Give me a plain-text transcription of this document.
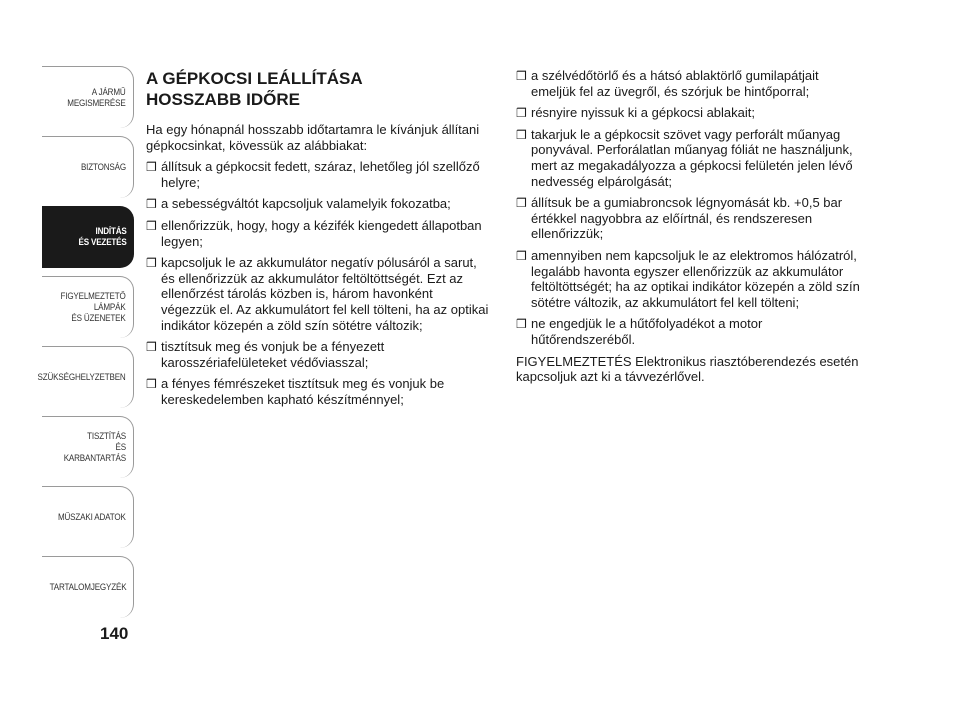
A JÁRMŰ
MEGISMERÉSE
BIZTONSÁG
INDÍTÁS
ÉS VEZETÉS
FIGYELMEZTETŐ
LÁMPÁK
ÉS ÜZENETEK
SZÜKSÉGHELYZETBEN
TISZTÍTÁS
ÉS KARBANTARTÁS
MŰSZAKI ADATOK
TARTALOMJEGYZÉK
140
A GÉPKOCSI LEÁLLÍTÁSA
HOSSZABB IDŐRE

Ha egy hónapnál hosszabb időtartamra le kívánjuk állítani gépkocsinkat, kövessük az alábbiakat:

❒ állítsuk a gépkocsit fedett, száraz, lehetőleg jól szellőző helyre;
❒ a sebességváltót kapcsoljuk valamelyik fokozatba;
❒ ellenőrizzük, hogy, hogy a kézifék kiengedett állapotban legyen;
❒ kapcsoljuk le az akkumulátor negatív pólusáról a sarut, és ellenőrizzük az akkumulátor feltöltöttségét. Ezt az ellenőrzést tárolás közben is, három havonként végezzük el. Az akkumulátort fel kell tölteni, ha az optikai indikátor közepén a zöld szín sötétre változik;
❒ tisztítsuk meg és vonjuk be a fényezett karosszériafelületeket védőviasszal;
❒ a fényes fémrészeket tisztítsuk meg és vonjuk be kereskedelemben kapható készítménnyel;
❒ a szélvédőtörlő és a hátsó ablaktörlő gumilapátjait emeljük fel az üvegről, és szórjuk be hintőporral;
❒ résnyire nyissuk ki a gépkocsi ablakait;
❒ takarjuk le a gépkocsit szövet vagy perforált műanyag ponyvával. Perforálatlan műanyag fóliát ne használjunk, mert az megakadályozza a gépkocsi felületén jelen lévő nedvesség elpárolgását;
❒ állítsuk be a gumiabroncsok légnyomását kb. +0,5 bar értékkel nagyobbra az előírtnál, és rendszeresen ellenőrizzük;
❒ amennyiben nem kapcsoljuk le az elektromos hálózatról, legalább havonta egyszer ellenőrizzük az akkumulátor feltöltöttségét; ha az optikai indikátor közepén a zöld szín sötétre változik, az akkumulátort fel kell tölteni;
❒ ne engedjük le a hűtőfolyadékot a motor hűtőrendszeréből.

FIGYELMEZTETÉS Elektronikus riasztóberendezés esetén kapcsoljuk azt ki a távvezérlővel.
